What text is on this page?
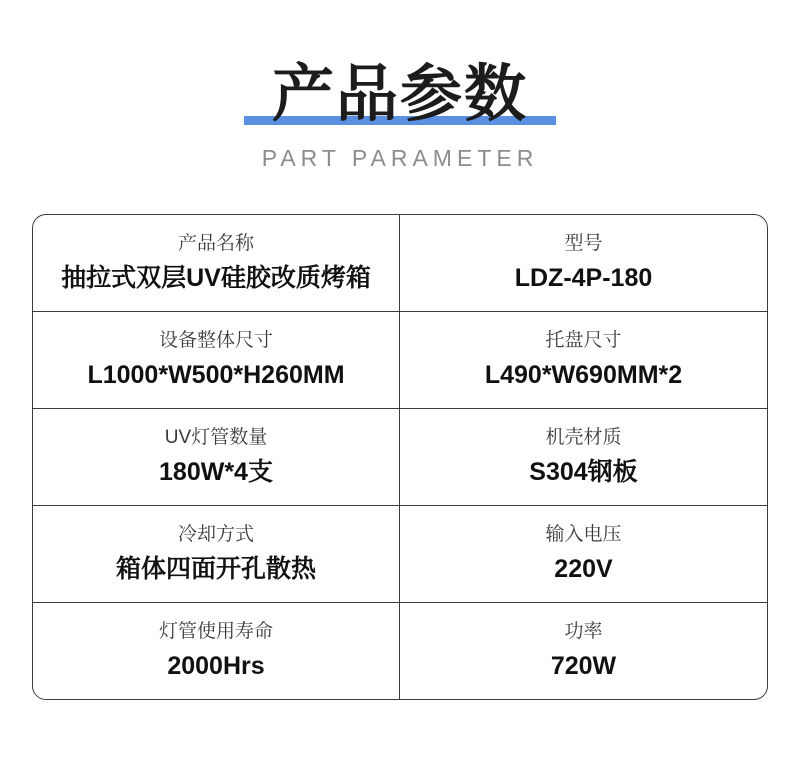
产品参数
PART PARAMETER
产品名称
抽拉式双层UV硅胶改质烤箱
型号
LDZ-4P-180
设备整体尺寸
L1000*W500*H260MM
托盘尺寸
L490*W690MM*2
UV灯管数量
180W*4支
机壳材质
S304钢板
冷却方式
箱体四面开孔散热
输入电压
220V
灯管使用寿命
2000Hrs
功率
720W
